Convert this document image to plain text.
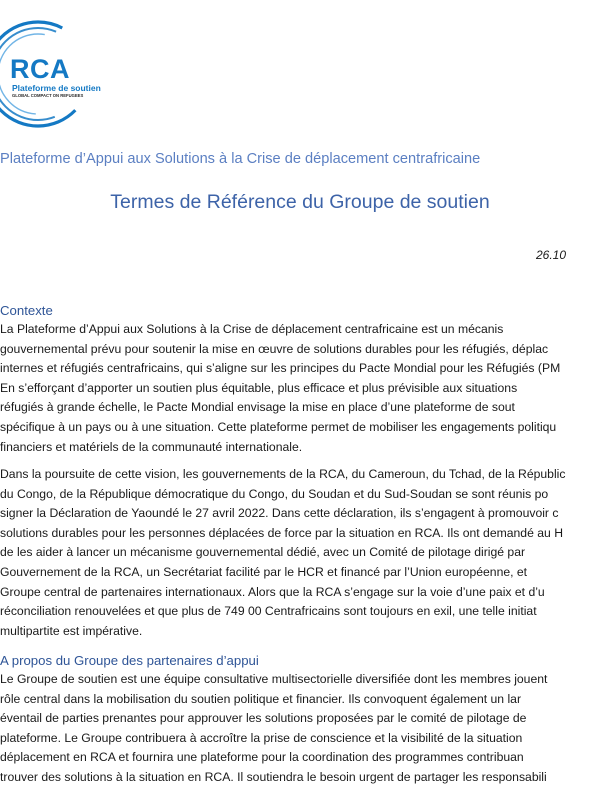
RCA
Plateforme de soutien
GLOBAL COMPACT ON REFUGEES
Plateforme d’Appui aux Solutions à la Crise de déplacement centrafricaine
Termes de Référence du Groupe de soutien
26.10
Contexte
La Plateforme d’Appui aux Solutions à la Crise de déplacement centrafricaine est un mécanis
gouvernemental prévu pour soutenir la mise en œuvre de solutions durables pour les réfugiés, déplac
internes et réfugiés centrafricains, qui s’aligne sur les principes du Pacte Mondial pour les Réfugiés (PM
En s’efforçant d’apporter un soutien plus équitable, plus efficace et plus prévisible aux situations
réfugiés à grande échelle, le Pacte Mondial envisage la mise en place d’une plateforme de sout
spécifique à un pays ou à une situation. Cette plateforme permet de mobiliser les engagements politiqu
financiers et matériels de la communauté internationale.
Dans la poursuite de cette vision, les gouvernements de la RCA, du Cameroun, du Tchad, de la Républic
du Congo, de la République démocratique du Congo, du Soudan et du Sud-Soudan se sont réunis po
signer la Déclaration de Yaoundé le 27 avril 2022. Dans cette déclaration, ils s’engagent à promouvoir c
solutions durables pour les personnes déplacées de force par la situation en RCA. Ils ont demandé au H
de les aider à lancer un mécanisme gouvernemental dédié, avec un Comité de pilotage dirigé par
Gouvernement de la RCA, un Secrétariat facilité par le HCR et financé par l’Union européenne, et
Groupe central de partenaires internationaux. Alors que la RCA s’engage sur la voie d’une paix et d’u
réconciliation renouvelées et que plus de 749 00 Centrafricains sont toujours en exil, une telle initiat
multipartite est impérative.
A propos du Groupe des partenaires d’appui
Le Groupe de soutien est une équipe consultative multisectorielle diversifiée dont les membres jouent
rôle central dans la mobilisation du soutien politique et financier. Ils convoquent également un lar
éventail de parties prenantes pour approuver les solutions proposées par le comité de pilotage de
plateforme. Le Groupe contribuera à accroître la prise de conscience et la visibilité de la situation
déplacement en RCA et fournira une plateforme pour la coordination des programmes contribuan
trouver des solutions à la situation en RCA. Il soutiendra le besoin urgent de partager les responsabili
